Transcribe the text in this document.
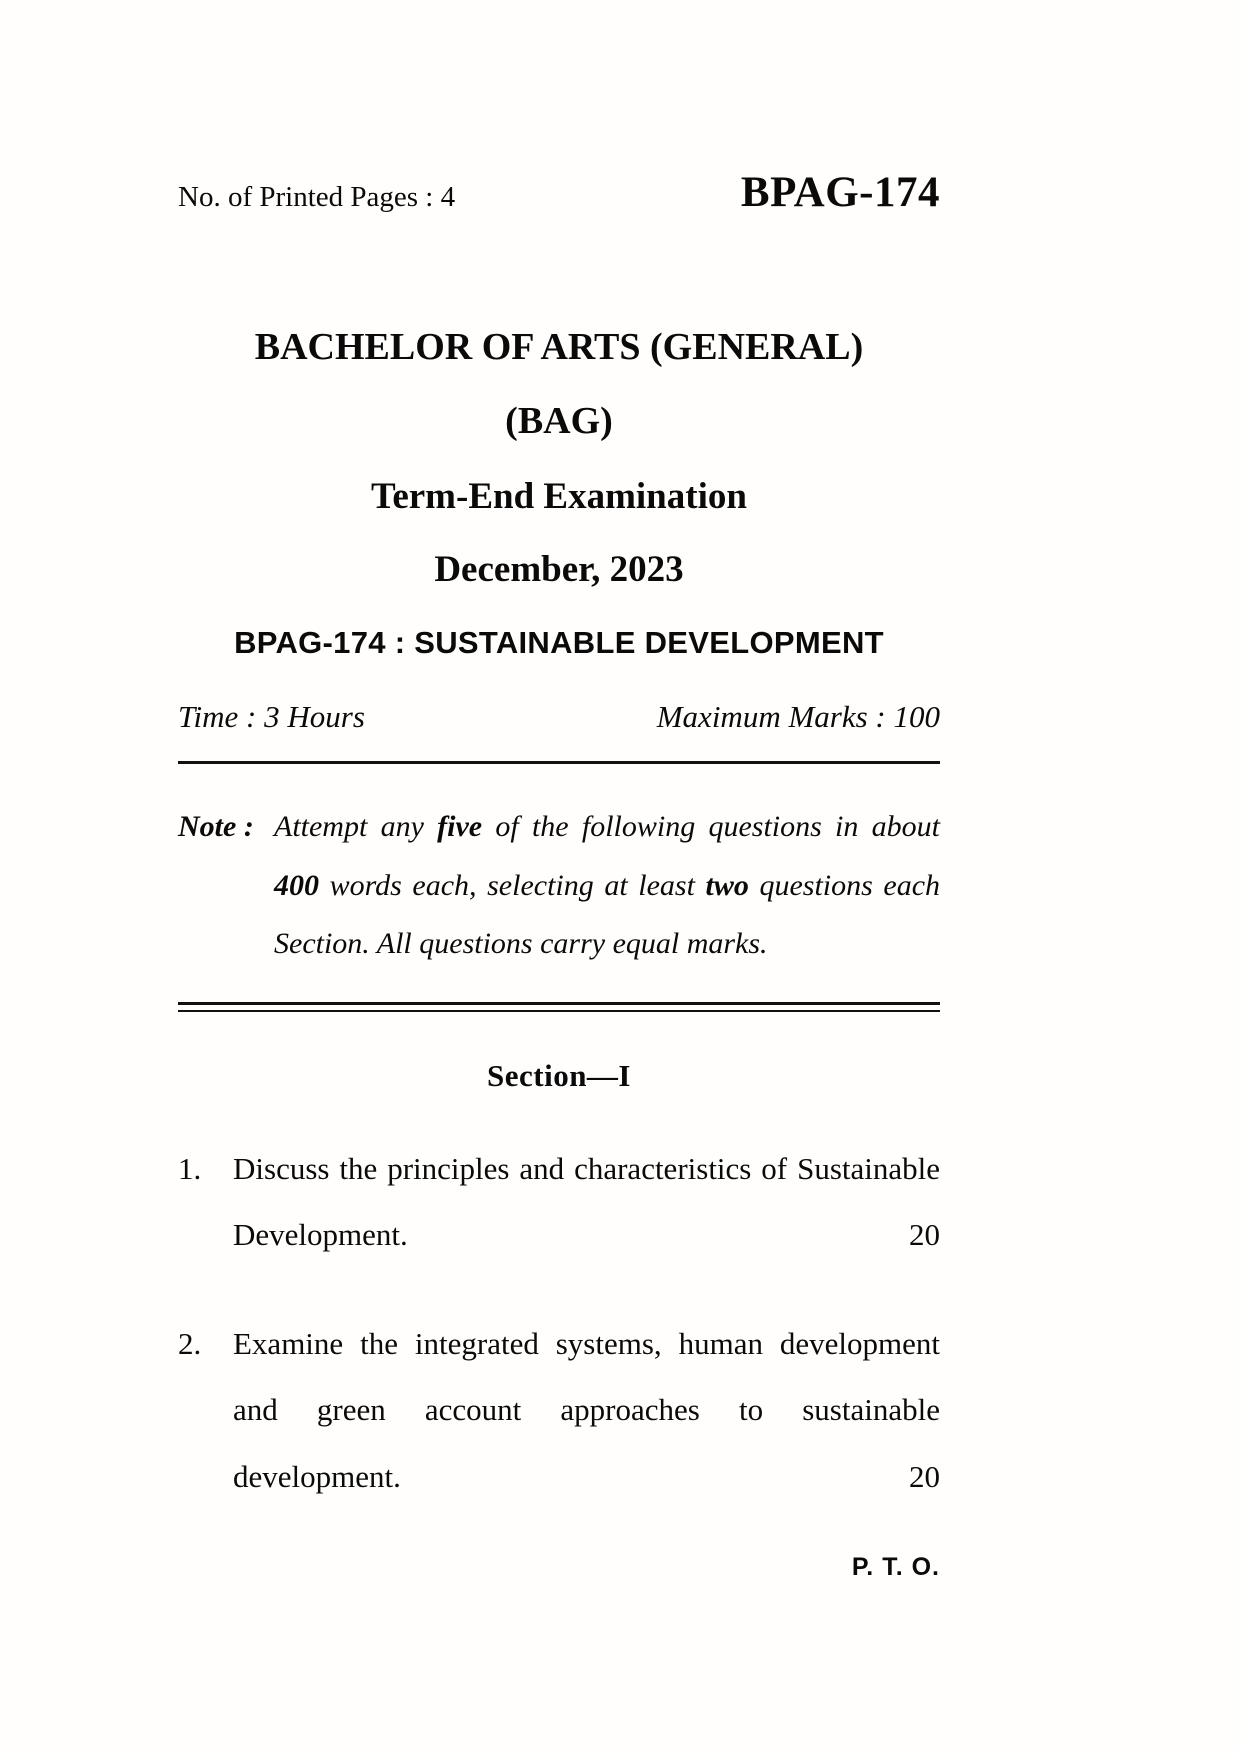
No. of Printed Pages : 4	BPAG-174
BACHELOR OF ARTS (GENERAL)
(BAG)
Term-End Examination
December, 2023
BPAG-174 : SUSTAINABLE DEVELOPMENT
Time : 3 Hours	Maximum Marks : 100
Note : Attempt any five of the following questions in about 400 words each, selecting at least two questions each Section. All questions carry equal marks.
Section—I
1. Discuss the principles and characteristics of Sustainable Development.	20
2. Examine the integrated systems, human development and green account approaches to sustainable development.	20
P. T. O.
